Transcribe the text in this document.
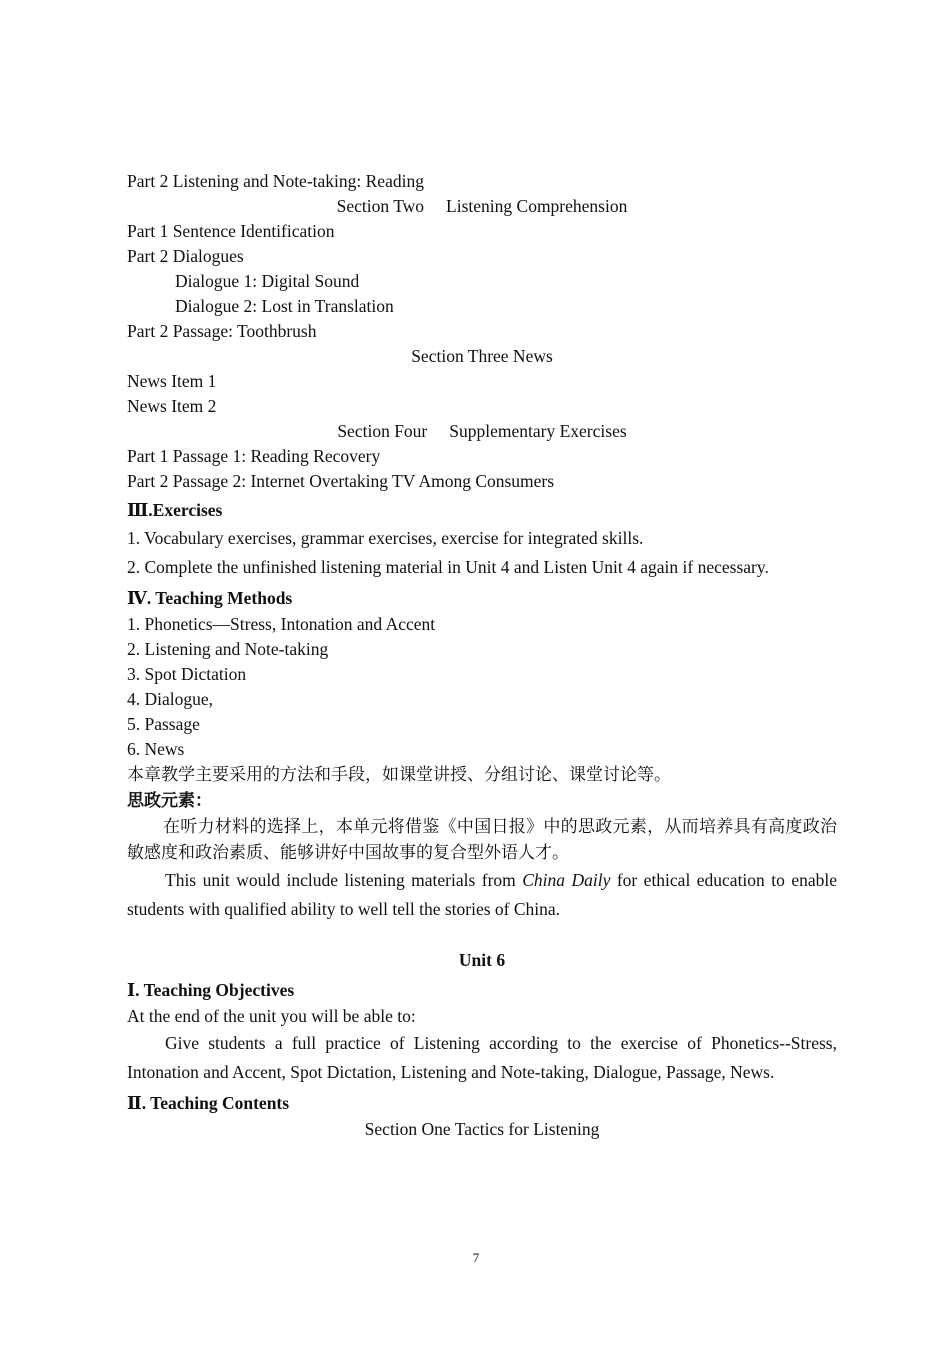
Part 2 Listening and Note-taking: Reading
Section Two Listening Comprehension
Part 1 Sentence Identification
Part 2 Dialogues
Dialogue 1: Digital Sound
Dialogue 2: Lost in Translation
Part 2 Passage: Toothbrush
Section Three News
News Item 1
News Item 2
Section Four Supplementary Exercises
Part 1 Passage 1: Reading Recovery
Part 2 Passage 2: Internet Overtaking TV Among Consumers
Ⅲ.Exercises
1. Vocabulary exercises, grammar exercises, exercise for integrated skills.
2. Complete the unfinished listening material in Unit 4 and Listen Unit 4 again if necessary.
Ⅳ. Teaching Methods
1. Phonetics—Stress, Intonation and Accent
2. Listening and Note-taking
3. Spot Dictation
4. Dialogue,
5. Passage
6. News
本章教学主要采用的方法和手段，如课堂讲授、分组讨论、课堂讨论等。
思政元素：
在听力材料的选择上，本单元将借鉴《中国日报》中的思政元素，从而培养具有高度政治敏感度和政治素质、能够讲好中国故事的复合型外语人才。
This unit would include listening materials from China Daily for ethical education to enable students with qualified ability to well tell the stories of China.
Unit 6
Ⅰ. Teaching Objectives
At the end of the unit you will be able to:
Give students a full practice of Listening according to the exercise of Phonetics--Stress, Intonation and Accent, Spot Dictation, Listening and Note-taking, Dialogue, Passage, News.
Ⅱ. Teaching Contents
Section One Tactics for Listening
7
